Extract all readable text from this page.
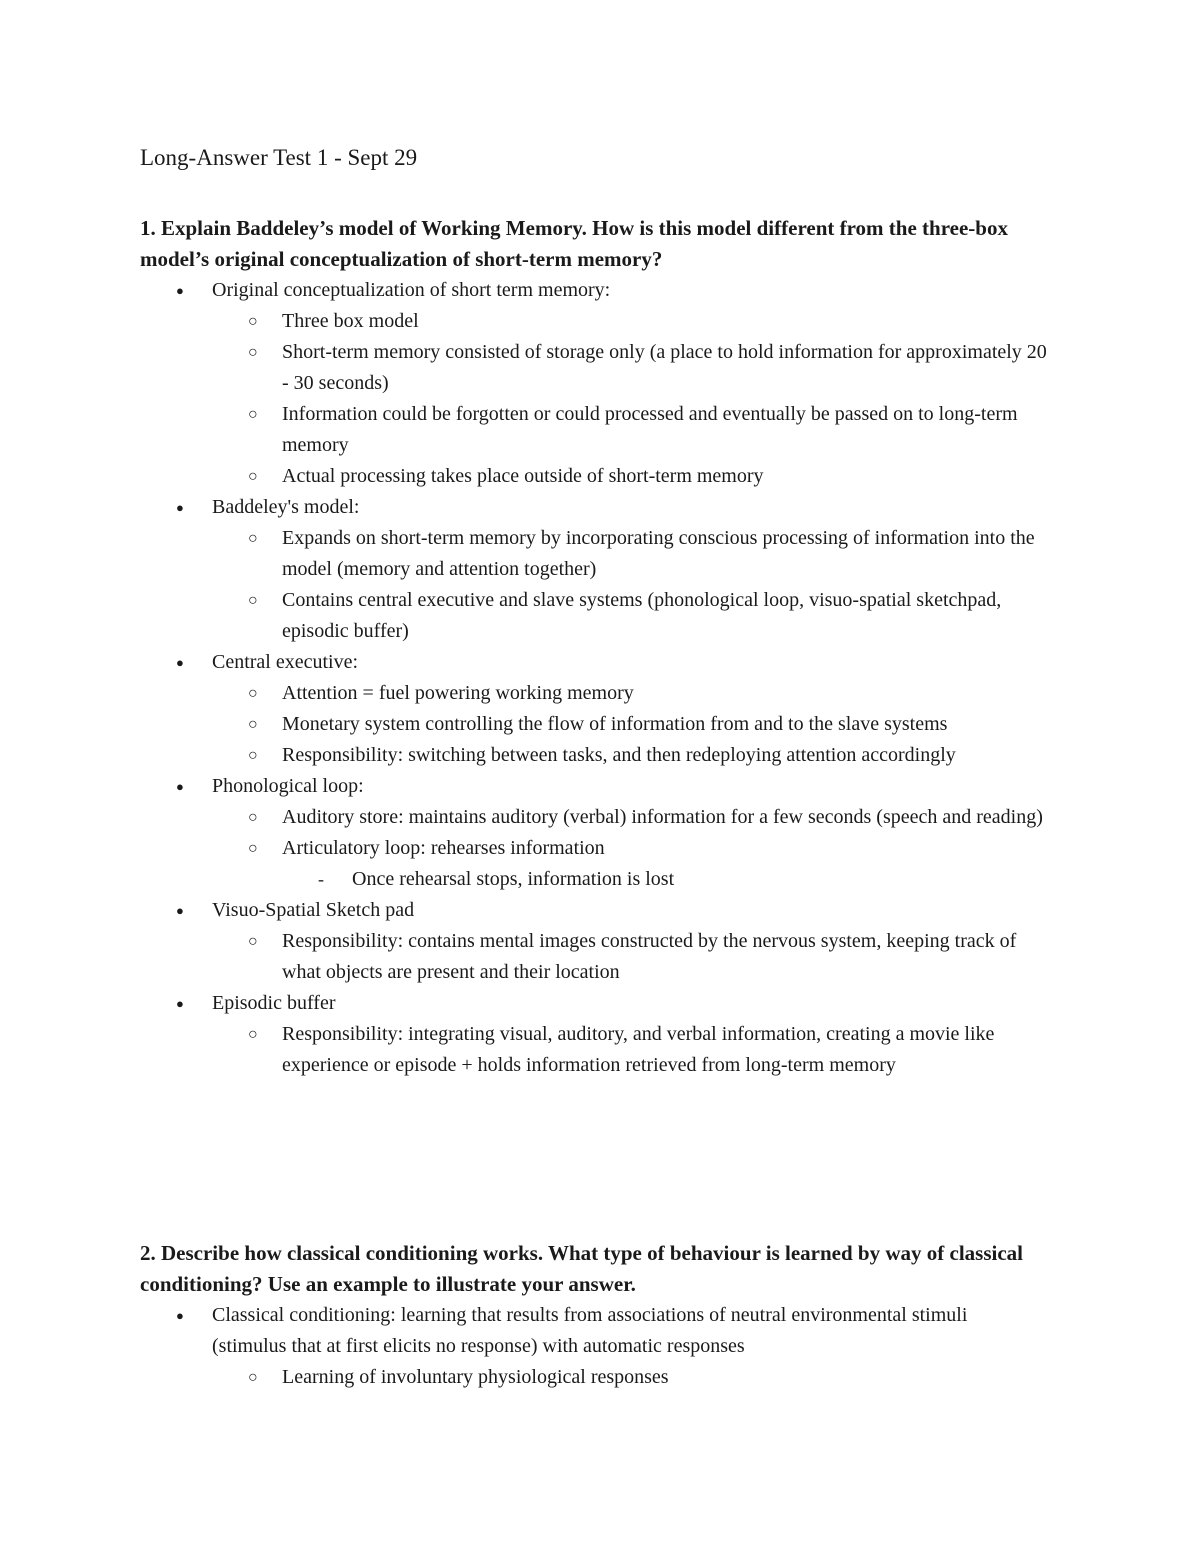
Long-Answer Test 1 - Sept 29
1. Explain Baddeley’s model of Working Memory. How is this model different from the three-box model’s original conceptualization of short-term memory?
● Original conceptualization of short term memory:
○ Three box model
○ Short-term memory consisted of storage only (a place to hold information for approximately 20 - 30 seconds)
○ Information could be forgotten or could processed and eventually be passed on to long-term memory
○ Actual processing takes place outside of short-term memory
● Baddeley's model:
○ Expands on short-term memory by incorporating conscious processing of information into the model (memory and attention together)
○ Contains central executive and slave systems (phonological loop, visuo-spatial sketchpad, episodic buffer)
● Central executive:
○ Attention = fuel powering working memory
○ Monetary system controlling the flow of information from and to the slave systems
○ Responsibility: switching between tasks, and then redeploying attention accordingly
● Phonological loop:
○ Auditory store: maintains auditory (verbal) information for a few seconds (speech and reading)
○ Articulatory loop: rehearses information
- Once rehearsal stops, information is lost
● Visuo-Spatial Sketch pad
○ Responsibility: contains mental images constructed by the nervous system, keeping track of what objects are present and their location
● Episodic buffer
○ Responsibility: integrating visual, auditory, and verbal information, creating a movie like experience or episode + holds information retrieved from long-term memory
2. Describe how classical conditioning works. What type of behaviour is learned by way of classical conditioning? Use an example to illustrate your answer.
● Classical conditioning: learning that results from associations of neutral environmental stimuli (stimulus that at first elicits no response) with automatic responses
○ Learning of involuntary physiological responses
